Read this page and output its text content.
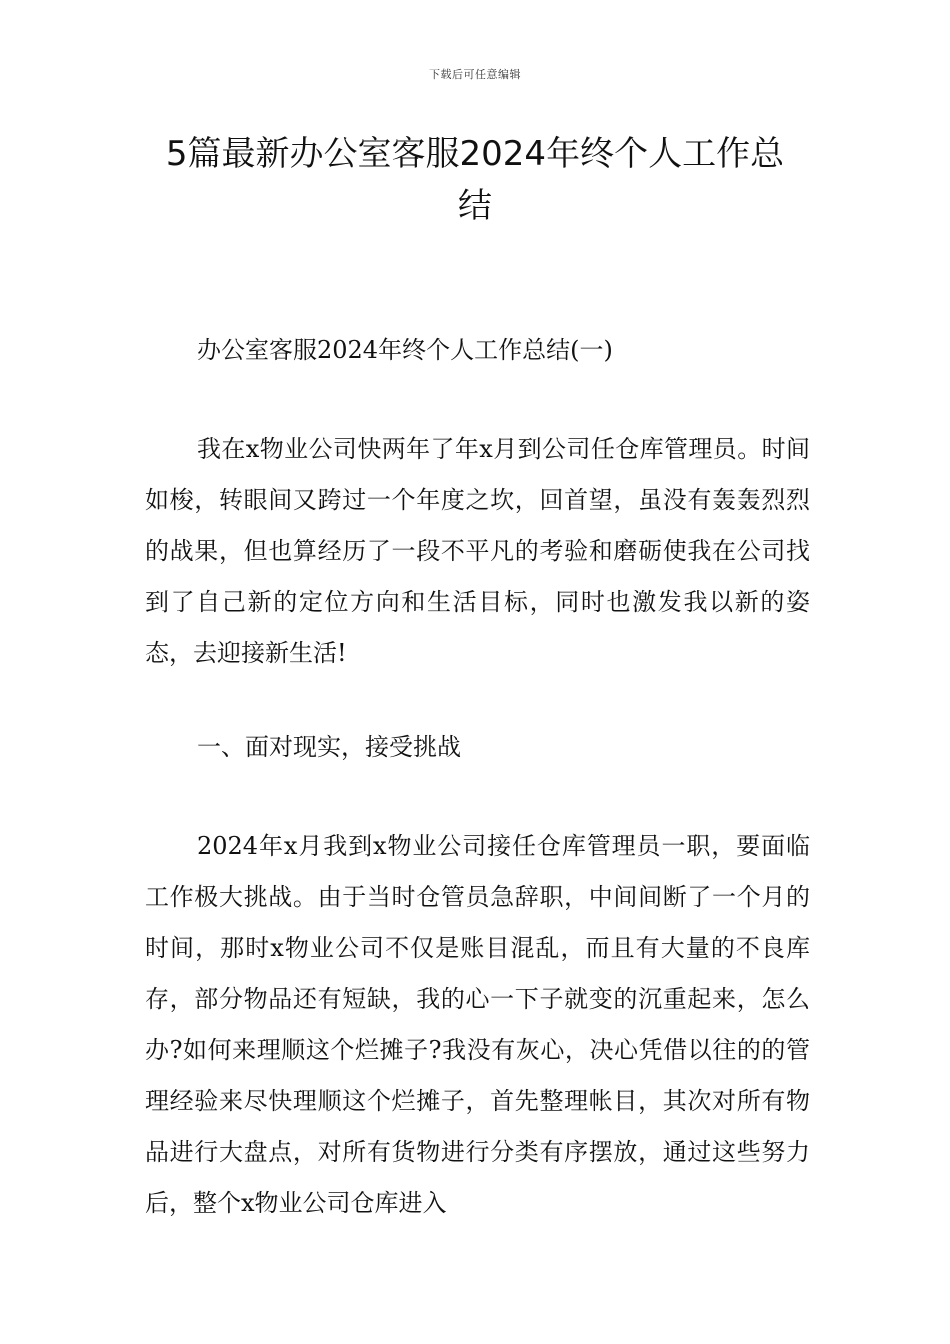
下载后可任意编辑
5篇最新办公室客服2024年终个人工作总结

办公室客服2024年终个人工作总结(一)

我在x物业公司快两年了年x月到公司任仓库管理员。时间如梭，转眼间又跨过一个年度之坎，回首望，虽没有轰轰烈烈的战果，但也算经历了一段不平凡的考验和磨砺使我在公司找到了自己新的定位方向和生活目标，同时也激发我以新的姿态，去迎接新生活!

一、面对现实，接受挑战

2024年x月我到x物业公司接任仓库管理员一职，要面临工作极大挑战。由于当时仓管员急辞职，中间间断了一个月的时间，那时x物业公司不仅是账目混乱，而且有大量的不良库存，部分物品还有短缺，我的心一下子就变的沉重起来，怎么办?如何来理顺这个烂摊子?我没有灰心，决心凭借以往的的管理经验来尽快理顺这个烂摊子，首先整理帐目，其次对所有物品进行大盘点，对所有货物进行分类有序摆放，通过这些努力后，整个x物业公司仓库进入
